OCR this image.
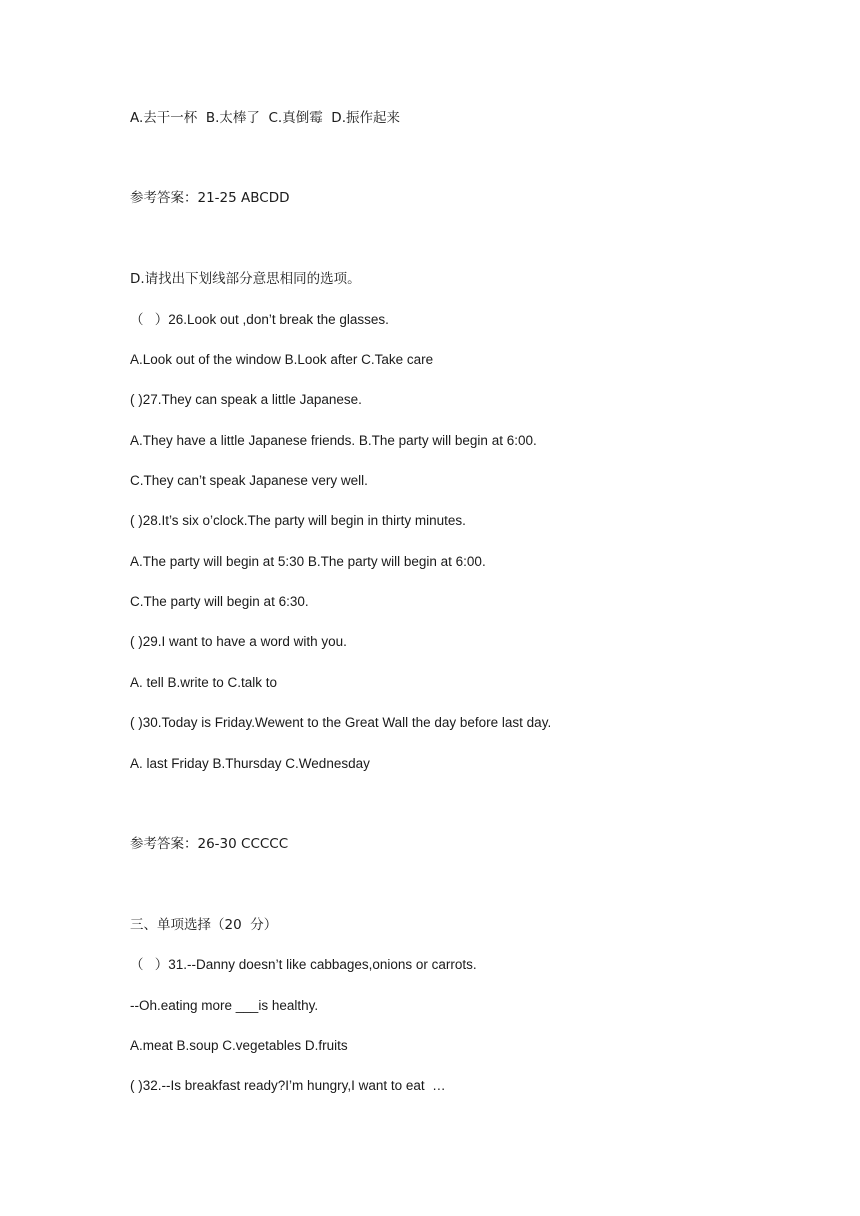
A.去干一杯  B.太棒了  C.真倒霉  D.振作起来
参考答案：21-25 ABCDD
D.请找出下划线部分意思相同的选项。
（   ）26.Look out ,don’t break the glasses.
A.Look out of the window B.Look after C.Take care
( )27.They can speak a little Japanese.
A.They have a little Japanese friends. B.The party will begin at 6:00.
C.They can’t speak Japanese very well.
( )28.It’s six o’clock.The party will begin in thirty minutes.
A.The party will begin at 5:30 B.The party will begin at 6:00.
C.The party will begin at 6:30.
( )29.I want to have a word with you.
A. tell B.write to C.talk to
( )30.Today is Friday.Wewent to the Great Wall the day before last day.
A. last Friday B.Thursday C.Wednesday
参考答案：26-30 CCCCC
三、单项选择（20  分）
（   ）31.--Danny doesn’t like cabbages,onions or carrots.
--Oh.eating more ___is healthy.
A.meat B.soup C.vegetables D.fruits
( )32.--Is breakfast ready?I’m hungry,I want to eat  …
